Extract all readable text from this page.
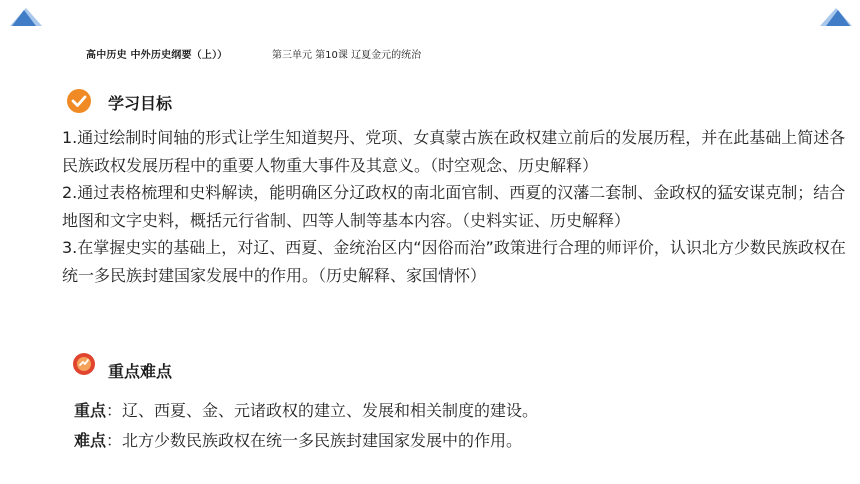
高中历史 中外历史纲要（上））	第三单元 第10课 辽夏金元的统治
学习目标

1.通过绘制时间轴的形式让学生知道契丹、党项、女真蒙古族在政权建立前后的发展历程，并在此基础上简述各民族政权发展历程中的重要人物重大事件及其意义。（时空观念、历史解释）

2.通过表格梳理和史料解读，能明确区分辽政权的南北面官制、西夏的汉藩二套制、金政权的猛安谋克制；结合地图和文字史料，概括元行省制、四等人制等基本内容。（史料实证、历史解释）

3.在掌握史实的基础上，对辽、西夏、金统治区内“因俗而治”政策进行合理的师评价，认识北方少数民族政权在统一多民族封建国家发展中的作用。（历史解释、家国情怀）

重点难点

重点：辽、西夏、金、元诸政权的建立、发展和相关制度的建设。

难点：北方少数民族政权在统一多民族封建国家发展中的作用。
